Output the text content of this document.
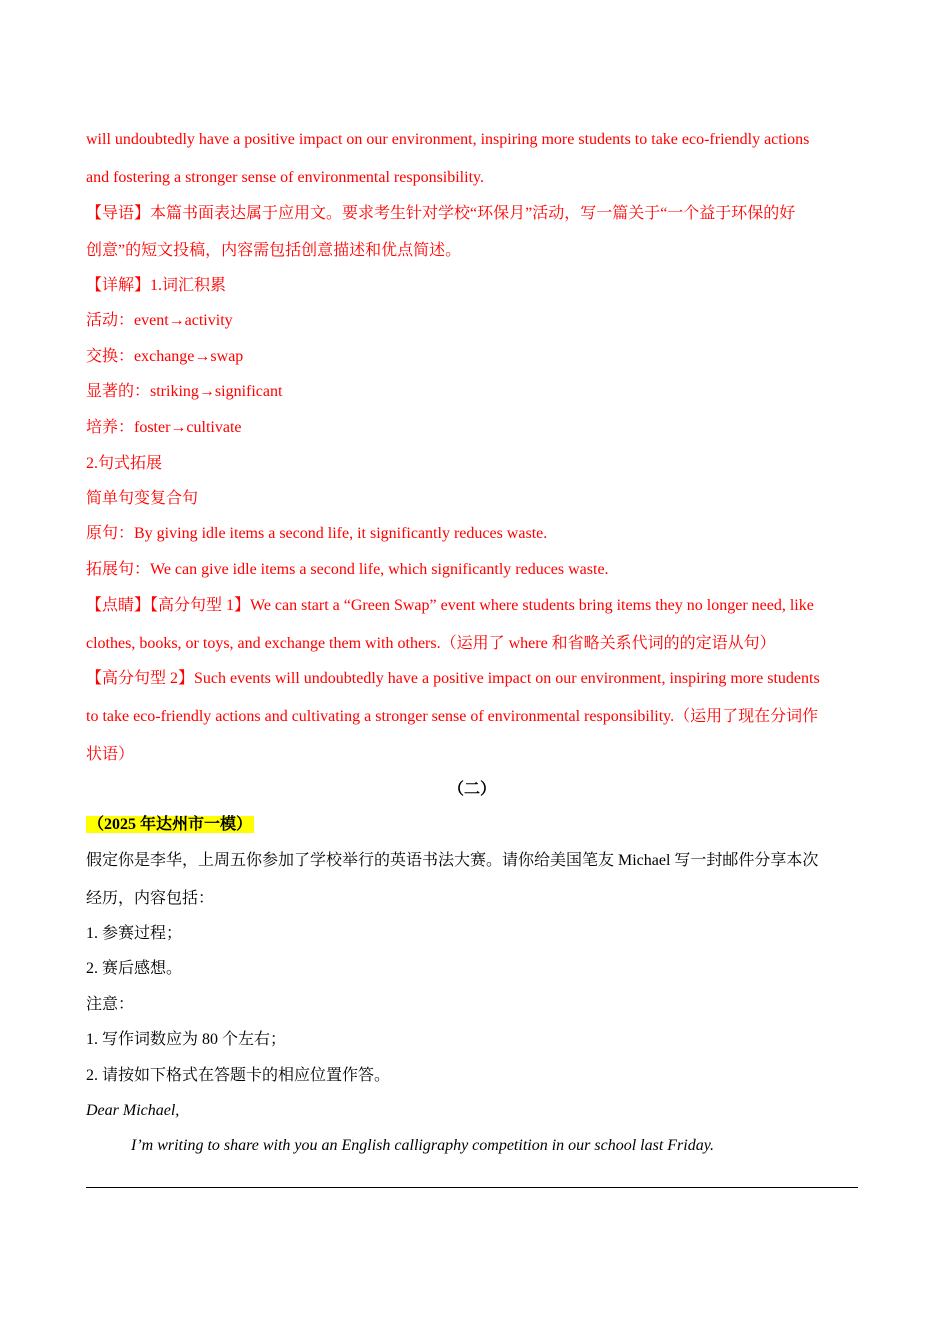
will undoubtedly have a positive impact on our environment, inspiring more students to take eco-friendly actions
and fostering a stronger sense of environmental responsibility.
【导语】本篇书面表达属于应用文。要求考生针对学校“环保月”活动，写一篇关于“一个益于环保的好
创意”的短文投稿，内容需包括创意描述和优点简述。
【详解】1.词汇积累
活动：event→activity
交换：exchange→swap
显著的：striking→significant
培养：foster→cultivate
2.句式拓展
简单句变复合句
原句：By giving idle items a second life, it significantly reduces waste.
拓展句：We can give idle items a second life, which significantly reduces waste.
【点睛】【高分句型 1】We can start a “Green Swap” event where students bring items they no longer need, like
clothes, books, or toys, and exchange them with others.（运用了 where 和省略关系代词的的定语从句）
【高分句型 2】Such events will undoubtedly have a positive impact on our environment, inspiring more students
to take eco-friendly actions and cultivating a stronger sense of environmental responsibility.（运用了现在分词作
状语）
（二）
（2025 年达州市一模）
假定你是李华，上周五你参加了学校举行的英语书法大赛。请你给美国笔友 Michael 写一封邮件分享本次
经历，内容包括：
1. 参赛过程；
2. 赛后感想。
注意：
1. 写作词数应为 80 个左右；
2. 请按如下格式在答题卡的相应位置作答。
Dear Michael,
I’m writing to share with you an English calligraphy competition in our school last Friday.
